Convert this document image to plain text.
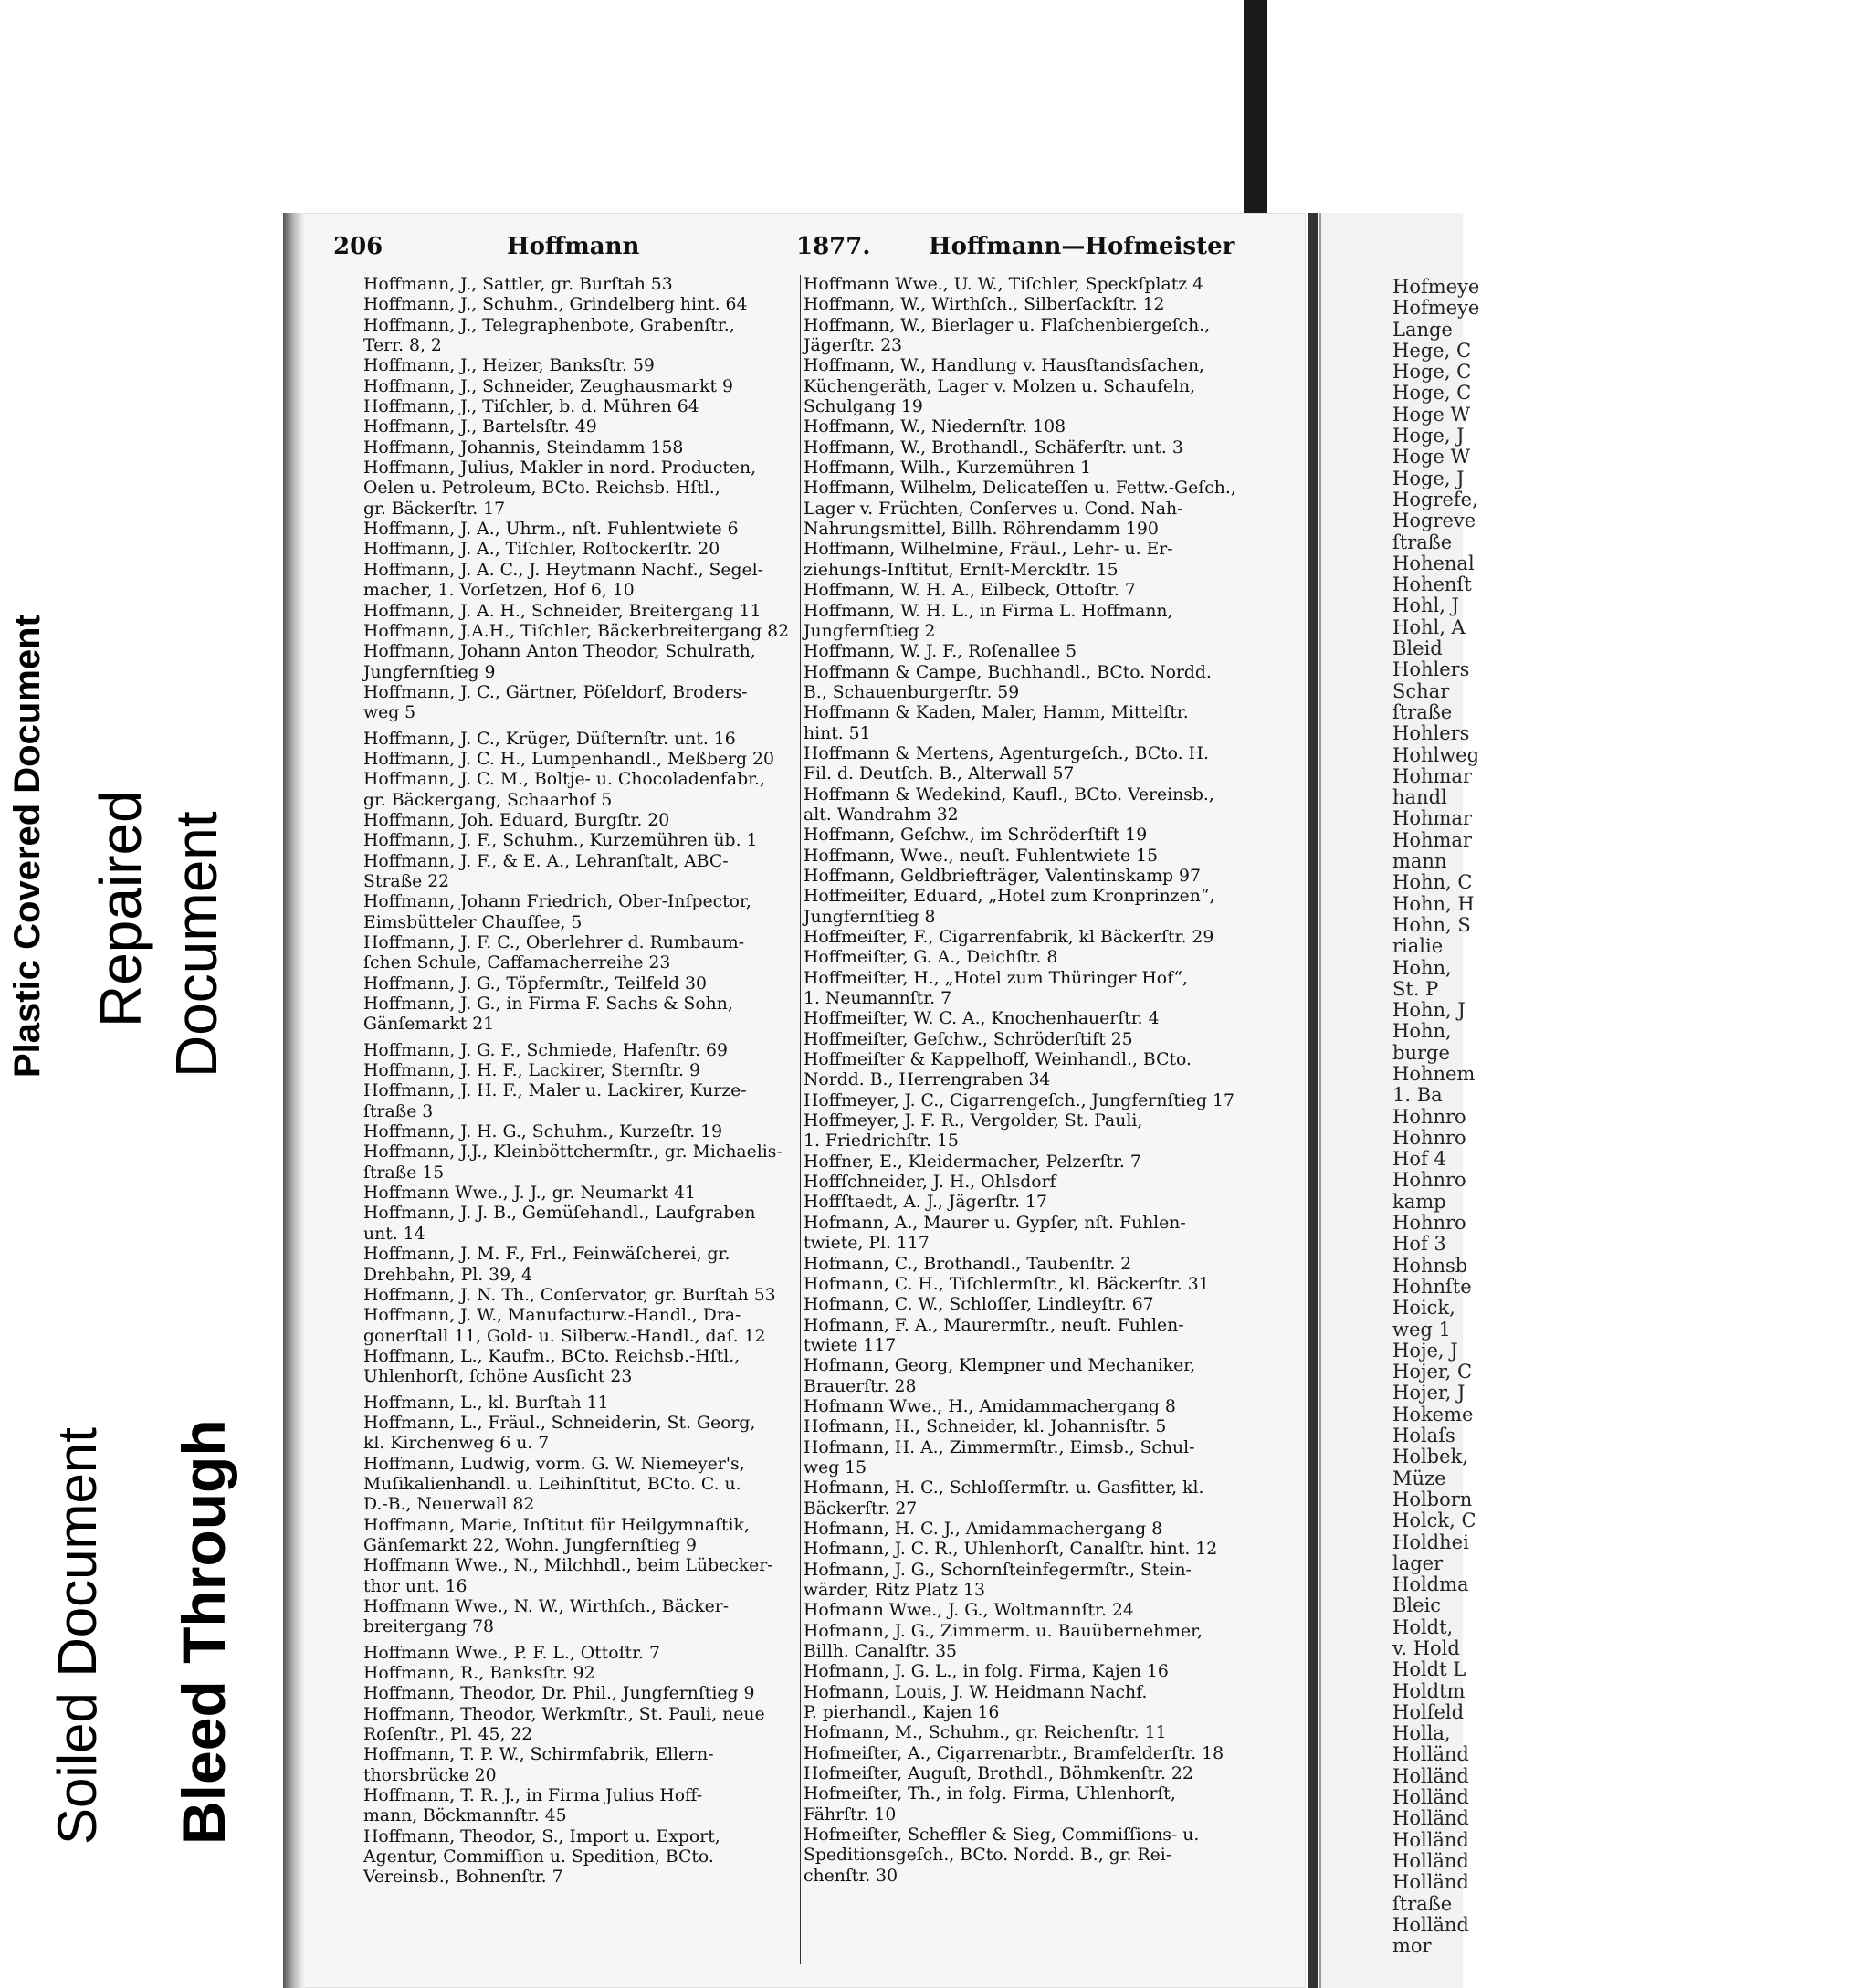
Plastic Covered Document Repaired Document
Soiled Document Bleed Through
206	Hoffmann	1877. Hoffmann—Hofmeister
Hoffmann, J., Sattler, gr. Burſtah 53
Hoffmann, J., Schuhm., Grindelberg hint. 64
Hoffmann, J., Telegraphenbote, Grabenſtr.,
Terr. 8, 2
Hoffmann, J., Heizer, Banksſtr. 59
Hoffmann, J., Schneider, Zeughausmarkt 9
Hoffmann, J., Tiſchler, b. d. Mühren 64
Hoffmann, J., Bartelsſtr. 49
Hoffmann, Johannis, Steindamm 158
Hoffmann, Julius, Makler in nord. Producten,
Oelen u. Petroleum, BCto. Reichsb. Hſtl.,
gr. Bäckerſtr. 17
Hoffmann, J. A., Uhrm., nſt. Fuhlentwiete 6
Hoffmann, J. A., Tiſchler, Roſtockerſtr. 20
Hoffmann, J. A. C., J. Heytmann Nachf., Segel-
macher, 1. Vorſetzen, Hof 6, 10
Hoffmann, J. A. H., Schneider, Breitergang 11
Hoffmann, J.A.H., Tiſchler, Bäckerbreitergang 82
Hoffmann, Johann Anton Theodor, Schulrath,
Jungfernſtieg 9
Hoffmann, J. C., Gärtner, Pöſeldorf, Broders-
weg 5
Hoffmann, J. C., Krüger, Düſternſtr. unt. 16
Hoffmann, J. C. H., Lumpenhandl., Meßberg 20
Hoffmann, J. C. M., Boltje- u. Chocoladenfabr.,
gr. Bäckergang, Schaarhof 5
Hoffmann, Joh. Eduard, Burgſtr. 20
Hoffmann, J. F., Schuhm., Kurzemühren üb. 1
Hoffmann, J. F., & E. A., Lehranſtalt, ABC-
Straße 22
Hoffmann, Johann Friedrich, Ober-Inſpector,
Eimsbütteler Chauſſee, 5
Hoffmann, J. F. C., Oberlehrer d. Rumbaum-
ſchen Schule, Caffamacherreihe 23
Hoffmann, J. G., Töpfermſtr., Teilfeld 30
Hoffmann, J. G., in Firma F. Sachs & Sohn,
Gänſemarkt 21
Hoffmann, J. G. F., Schmiede, Hafenſtr. 69
Hoffmann, J. H. F., Lackirer, Sternſtr. 9
Hoffmann, J. H. F., Maler u. Lackirer, Kurze-
ſtraße 3
Hoffmann, J. H. G., Schuhm., Kurzeſtr. 19
Hoffmann, J.J., Kleinböttchermſtr., gr. Michaelis-
ſtraße 15
Hoffmann Wwe., J. J., gr. Neumarkt 41
Hoffmann, J. J. B., Gemüſehandl., Laufgraben
unt. 14
Hoffmann, J. M. F., Frl., Feinwäſcherei, gr.
Drehbahn, Pl. 39, 4
Hoffmann, J. N. Th., Conſervator, gr. Burſtah 53
Hoffmann, J. W., Manufacturw.-Handl., Dra-
gonerſtall 11, Gold- u. Silberw.-Handl., daſ. 12
Hoffmann, L., Kaufm., BCto. Reichsb.-Hſtl.,
Uhlenhorſt, ſchöne Ausſicht 23
Hoffmann, L., kl. Burſtah 11
Hoffmann, L., Fräul., Schneiderin, St. Georg,
kl. Kirchenweg 6 u. 7
Hoffmann, Ludwig, vorm. G. W. Niemeyer's,
Muſikalienhandl. u. Leihinſtitut, BCto. C. u.
D.-B., Neuerwall 82
Hoffmann, Marie, Inſtitut für Heilgymnaſtik,
Gänſemarkt 22, Wohn. Jungfernſtieg 9
Hoffmann Wwe., N., Milchhdl., beim Lübecker-
thor unt. 16
Hoffmann Wwe., N. W., Wirthſch., Bäcker-
breitergang 78
Hoffmann Wwe., P. F. L., Ottoſtr. 7
Hoffmann, R., Banksſtr. 92
Hoffmann, Theodor, Dr. Phil., Jungfernſtieg 9
Hoffmann, Theodor, Werkmſtr., St. Pauli, neue
Roſenſtr., Pl. 45, 22
Hoffmann, T. P. W., Schirmfabrik, Ellern-
thorsbrücke 20
Hoffmann, T. R. J., in Firma Julius Hoff-
mann, Böckmannſtr. 45
Hoffmann, Theodor, S., Import u. Export,
Agentur, Commiſſion u. Spedition, BCto.
Vereinsb., Bohnenſtr. 7
Hoffmann Wwe., U. W., Tiſchler, Speckſplatz 4
Hoffmann, W., Wirthſch., Silberſackſtr. 12
Hoffmann, W., Bierlager u. Flaſchenbiergeſch.,
Jägerſtr. 23
Hoffmann, W., Handlung v. Hausſtandsſachen,
Küchengeräth, Lager v. Molzen u. Schaufeln,
Schulgang 19
Hoffmann, W., Niedernſtr. 108
Hoffmann, W., Brothandl., Schäferſtr. unt. 3
Hoffmann, Wilh., Kurzemühren 1
Hoffmann, Wilhelm, Delicateſſen u. Fettw.-Geſch.,
Lager v. Früchten, Conſerves u. Cond. Nah-
Nahrungsmittel, Billh. Röhrendamm 190
Hoffmann, Wilhelmine, Fräul., Lehr- u. Er-
ziehungs-Inſtitut, Ernſt-Merckſtr. 15
Hoffmann, W. H. A., Eilbeck, Ottoſtr. 7
Hoffmann, W. H. L., in Firma L. Hoffmann,
Jungfernſtieg 2
Hoffmann, W. J. F., Roſenallee 5
Hoffmann & Campe, Buchhandl., BCto. Nordd.
B., Schauenburgerſtr. 59
Hoffmann & Kaden, Maler, Hamm, Mittelſtr.
hint. 51
Hoffmann & Mertens, Agenturgeſch., BCto. H.
Fil. d. Deutſch. B., Alterwall 57
Hoffmann & Wedekind, Kaufl., BCto. Vereinsb.,
alt. Wandrahm 32
Hoffmann, Geſchw., im Schröderſtift 19
Hoffmann, Wwe., neuſt. Fuhlentwiete 15
Hoffmann, Geldbriefträger, Valentinskamp 97
Hoffmeiſter, Eduard, „Hotel zum Kronprinzen“,
Jungfernſtieg 8
Hoffmeiſter, F., Cigarrenfabrik, kl Bäckerſtr. 29
Hoffmeiſter, G. A., Deichſtr. 8
Hoffmeiſter, H., „Hotel zum Thüringer Hof“,
1. Neumannſtr. 7
Hoffmeiſter, W. C. A., Knochenhauerſtr. 4
Hoffmeiſter, Geſchw., Schröderſtift 25
Hoffmeiſter & Kappelhoff, Weinhandl., BCto.
Nordd. B., Herrengraben 34
Hoffmeyer, J. C., Cigarrengeſch., Jungfernſtieg 17
Hoffmeyer, J. F. R., Vergolder, St. Pauli,
1. Friedrichſtr. 15
Hoffner, E., Kleidermacher, Pelzerſtr. 7
Hoffſchneider, J. H., Ohlsdorf
Hoffſtaedt, A. J., Jägerſtr. 17
Hofmann, A., Maurer u. Gypſer, nſt. Fuhlen-
twiete, Pl. 117
Hofmann, C., Brothandl., Taubenſtr. 2
Hofmann, C. H., Tiſchlermſtr., kl. Bäckerſtr. 31
Hofmann, C. W., Schloſſer, Lindleyſtr. 67
Hofmann, F. A., Maurermſtr., neuſt. Fuhlen-
twiete 117
Hofmann, Georg, Klempner und Mechaniker,
Brauerſtr. 28
Hofmann Wwe., H., Amidammachergang 8
Hofmann, H., Schneider, kl. Johannisſtr. 5
Hofmann, H. A., Zimmermſtr., Eimsb., Schul-
weg 15
Hofmann, H. C., Schloſſermſtr. u. Gasfitter, kl.
Bäckerſtr. 27
Hofmann, H. C. J., Amidammachergang 8
Hofmann, J. C. R., Uhlenhorſt, Canalſtr. hint. 12
Hofmann, J. G., Schornſteinfegermſtr., Stein-
wärder, Ritz Platz 13
Hofmann Wwe., J. G., Woltmannſtr. 24
Hofmann, J. G., Zimmerm. u. Bauübernehmer,
Billh. Canalſtr. 35
Hofmann, J. G. L., in folg. Firma, Kajen 16
Hofmann, Louis, J. W. Heidmann Nachf.
P. pierhandl., Kajen 16
Hofmann, M., Schuhm., gr. Reichenſtr. 11
Hofmeiſter, A., Cigarrenarbtr., Bramfelderſtr. 18
Hofmeiſter, Auguſt, Brothdl., Böhmkenſtr. 22
Hofmeiſter, Th., in folg. Firma, Uhlenhorſt,
Fährſtr. 10
Hofmeiſter, Scheffler & Sieg, Commiſſions- u.
Speditionsgeſch., BCto. Nordd. B., gr. Rei-
chenſtr. 30
Hofmeye
Hofmeye
Lange
Hege, C
Hoge, C
Hoge, C
Hoge W
Hoge, J
Hoge W
Hoge, J
Hogrefe,
Hogreve
ſtraße
Hohenal
Hohenſt
Hohl, J
Hohl, A
Bleid
Hohlers
Schar
ſtraße
Hohlers
Hohlweg
Hohmar
handl
Hohmar
Hohmar
mann
Hohn, C
Hohn, H
Hohn, S
rialie
Hohn,
St. P
Hohn, J
Hohn,
burge
Hohnem
1. Ba
Hohnro
Hohnro
Hof 4
Hohnro
kamp
Hohnro
Hof 3
Hohnsb
Hohnſte
Hoick,
weg 1
Hoje, J
Hojer, C
Hojer, J
Hokeme
Holaſs
Holbek,
Müze
Holborn
Holck, C
Holdhei
lager
Holdma
Bleic
Holdt,
v. Hold
Holdt L
Holdtm
Holfeld
Holla,
Holländ
Holländ
Holländ
Holländ
Holländ
Holländ
Holländ
ſtraße
Holländ
mor
